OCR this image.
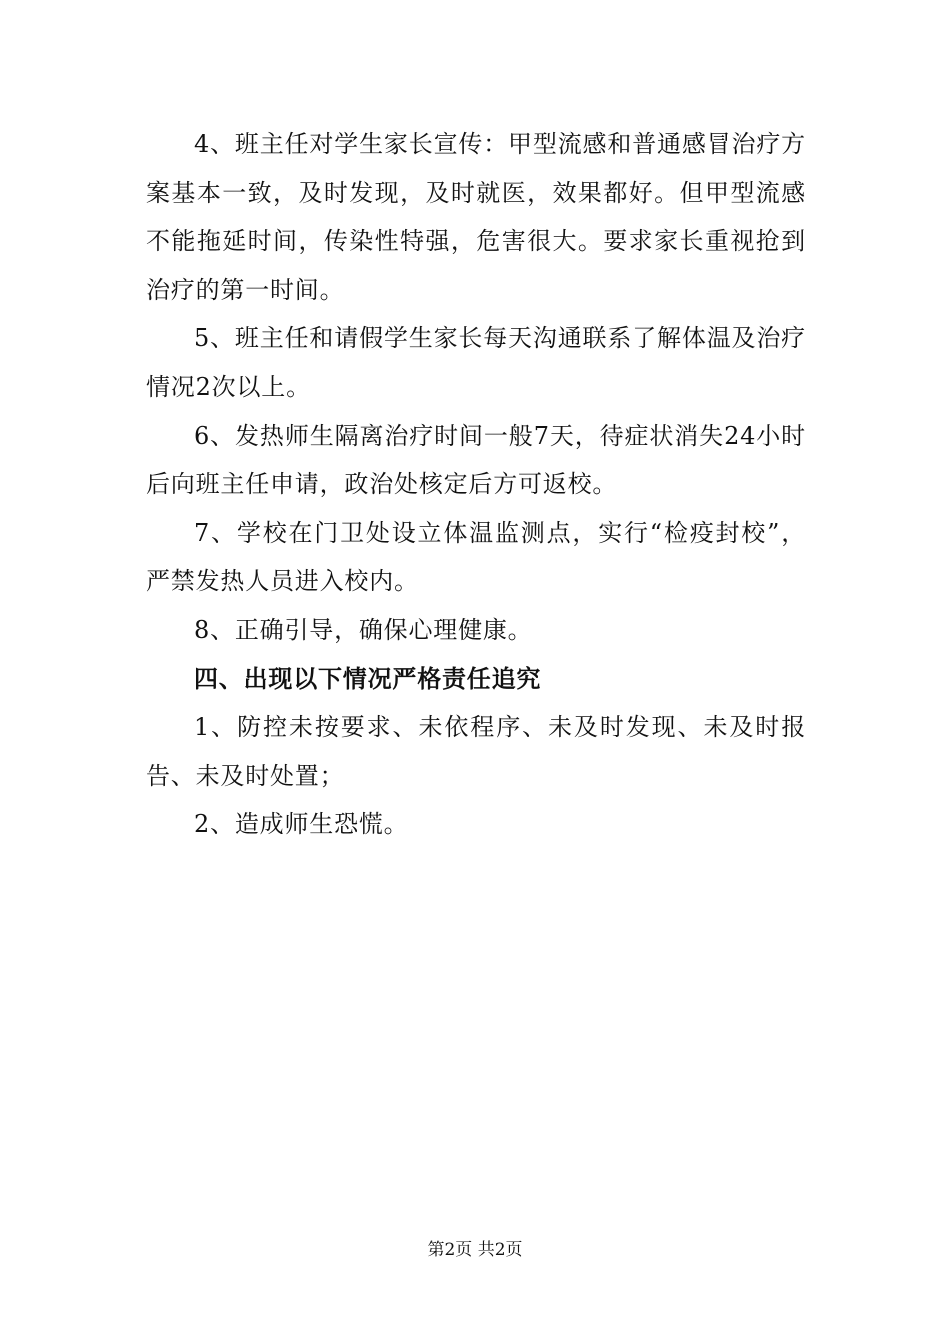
4、班主任对学生家长宣传：甲型流感和普通感冒治疗方案基本一致，及时发现，及时就医，效果都好。但甲型流感不能拖延时间，传染性特强，危害很大。要求家长重视抢到治疗的第一时间。

5、班主任和请假学生家长每天沟通联系了解体温及治疗情况2次以上。

6、发热师生隔离治疗时间一般7天，待症状消失24小时后向班主任申请，政治处核定后方可返校。

7、学校在门卫处设立体温监测点，实行“检疫封校”，严禁发热人员进入校内。

8、正确引导，确保心理健康。

四、出现以下情况严格责任追究

1、防控未按要求、未依程序、未及时发现、未及时报告、未及时处置；

2、造成师生恐慌。

第2页 共2页
